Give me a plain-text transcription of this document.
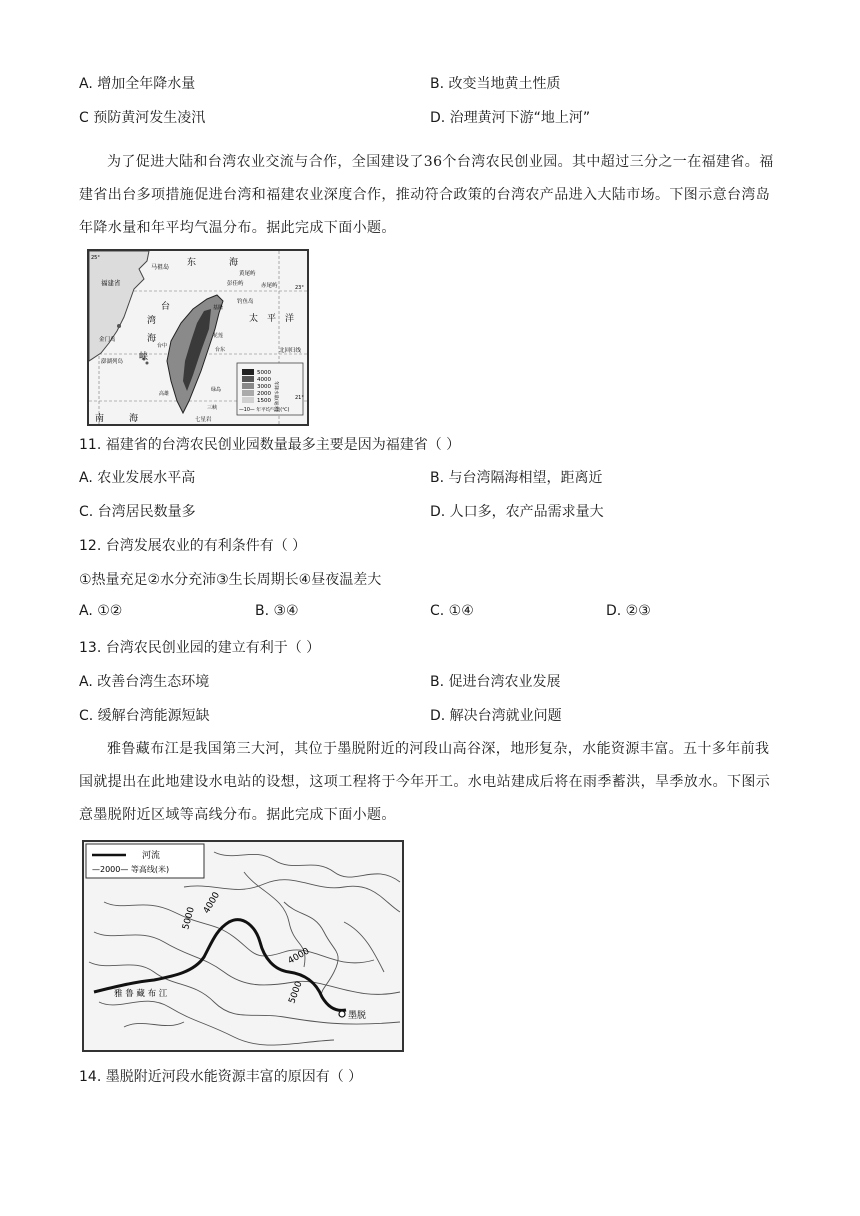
A. 增加全年降水量	B. 改变当地黄土性质
C 预防黄河发生凌汛	D. 治理黄河下游“地上河”
为了促进大陆和台湾农业交流与合作，全国建设了36个台湾农民创业园。其中超过三分之一在福建省。福建省出台多项措施促进台湾和福建农业深度合作，推动符合政策的台湾农产品进入大陆市场。下图示意台湾岛年降水量和年平均气温分布。据此完成下面小题。
5000
4000
3000
2000
1500 年降水量(毫米)
—10— 年平均气温(℃)
福建省
马祖岛 东	海
黄尾屿
赤尾屿
彭佳屿
钓鱼岛
台
湾
海
峡
太 平 洋
金门岛
澎湖列岛
北回归线
台东
花莲
基隆
台中
高雄
绿岛
三峡
七星岩
南	海
25°
23°
21°
11. 福建省的台湾农民创业园数量最多主要是因为福建省（ ）
A. 农业发展水平高	B. 与台湾隔海相望，距离近
C. 台湾居民数量多	D. 人口多，农产品需求量大
12. 台湾发展农业的有利条件有（ ）
①热量充足②水分充沛③生长周期长④昼夜温差大
A. ①②	B. ③④	C. ①④	D. ②③
13. 台湾农民创业园的建立有利于（ ）
A. 改善台湾生态环境	B. 促进台湾农业发展
C. 缓解台湾能源短缺	D. 解决台湾就业问题
雅鲁藏布江是我国第三大河，其位于墨脱附近的河段山高谷深，地形复杂，水能资源丰富。五十多年前我国就提出在此地建设水电站的设想，这项工程将于今年开工。水电站建成后将在雨季蓄洪，旱季放水。下图示意墨脱附近区域等高线分布。据此完成下面小题。
河流
—2000— 等高线(米)
5000
4000
4000
5000
雅 鲁 藏 布 江
墨脱
14. 墨脱附近河段水能资源丰富的原因有（ ）
